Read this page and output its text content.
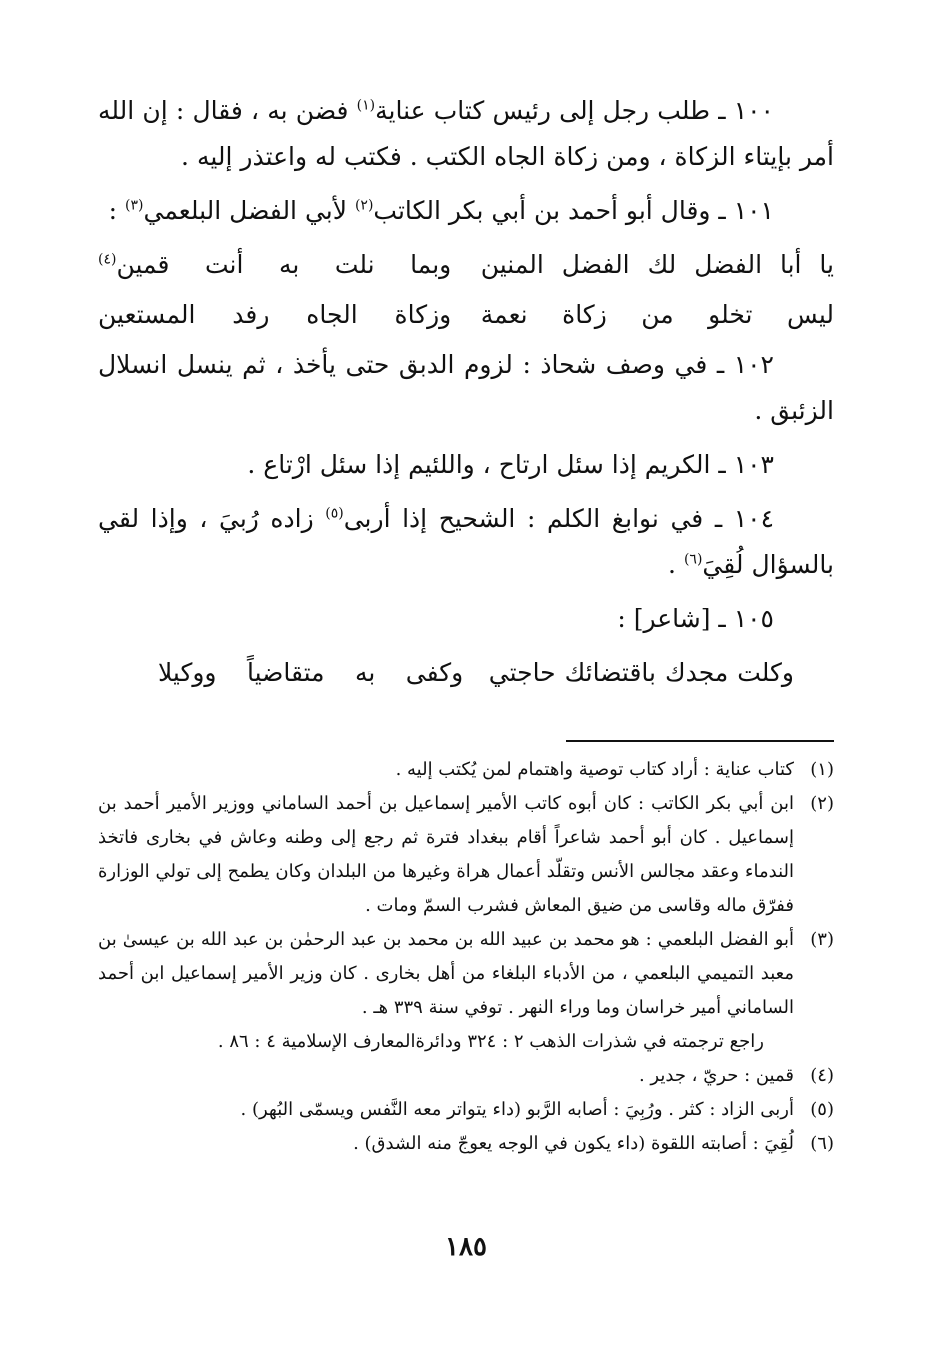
١٠٠ ـ طلب رجل إلى رئيس كتاب عناية$^{(١)}$ فضن به ، فقال : إن الله أمر بإيتاء الزكاة ، ومن زكاة الجاه الكتب . فكتب له واعتذر إليه .

١٠١ ـ وقال أبو أحمد بن أبي بكر الكاتب$^{(٢)}$ لأبي الفضل البلعمي$^{(٣)}$ :

يا أبا الفضل لك الفضل المنين
وبما نلت به أنت قمين$^{(٤)}$
ليس تخلو من زكاة نعمة
وزكاة الجاه رفد المستعين

١٠٢ ـ في وصف شحاذ : لزوم الدبق حتى يأخذ ، ثم ينسل انسلال الزئبق .

١٠٣ ـ الكريم إذا سئل ارتاح ، واللئيم إذا سئل ارْتاع .

١٠٤ ـ في نوابغ الكلم : الشحيح إذا أربى$^{(٥)}$ زاده رُبيَ ، وإذا لقي بالسؤال لُقِيَ$^{(٦)}$ .

١٠٥ ـ [شاعر] :

وكلت مجدك باقتضائك حاجتي
وكفى به متقاضياً ووكيلا

(١)
كتاب عناية : أراد كتاب توصية واهتمام لمن يُكتب إليه .

(٢)
ابن أبي بكر الكاتب : كان أبوه كاتب الأمير إسماعيل بن أحمد الساماني ووزير الأمير أحمد بن إسماعيل . كان أبو أحمد شاعراً أقام ببغداد فترة ثم رجع إلى وطنه وعاش في بخارى فاتخذ الندماء وعقد مجالس الأنس وتقلّد أعمال هراة وغيرها من البلدان وكان يطمح إلى تولي الوزارة ففرّق ماله وقاسى من ضيق المعاش فشرب السمّ ومات .

(٣)
أبو الفضل البلعمي : هو محمد بن عبيد الله بن محمد بن عبد الرحمٰن بن عبد الله بن عيسىٰ بن معبد التميمي البلعمي ، من الأدباء البلغاء من أهل بخارى . كان وزير الأمير إسماعيل ابن أحمد الساماني أمير خراسان وما وراء النهر . توفي سنة ٣٣٩ هـ .

راجع ترجمته في شذرات الذهب ٢ : ٣٢٤ ودائرةالمعارف الإسلامية ٤ : ٨٦ .

(٤)
قمين : حريّ ، جدير .

(٥)
أربى الزاد : كثر . ورُبِيَ : أصابه الرَّبو (داء يتواتر معه النَّفس ويسمّى البُهر) .

(٦)
لُقِيَ : أصابته اللقوة (داء يكون في الوجه يعوجّ منه الشدق) .

١٨٥
